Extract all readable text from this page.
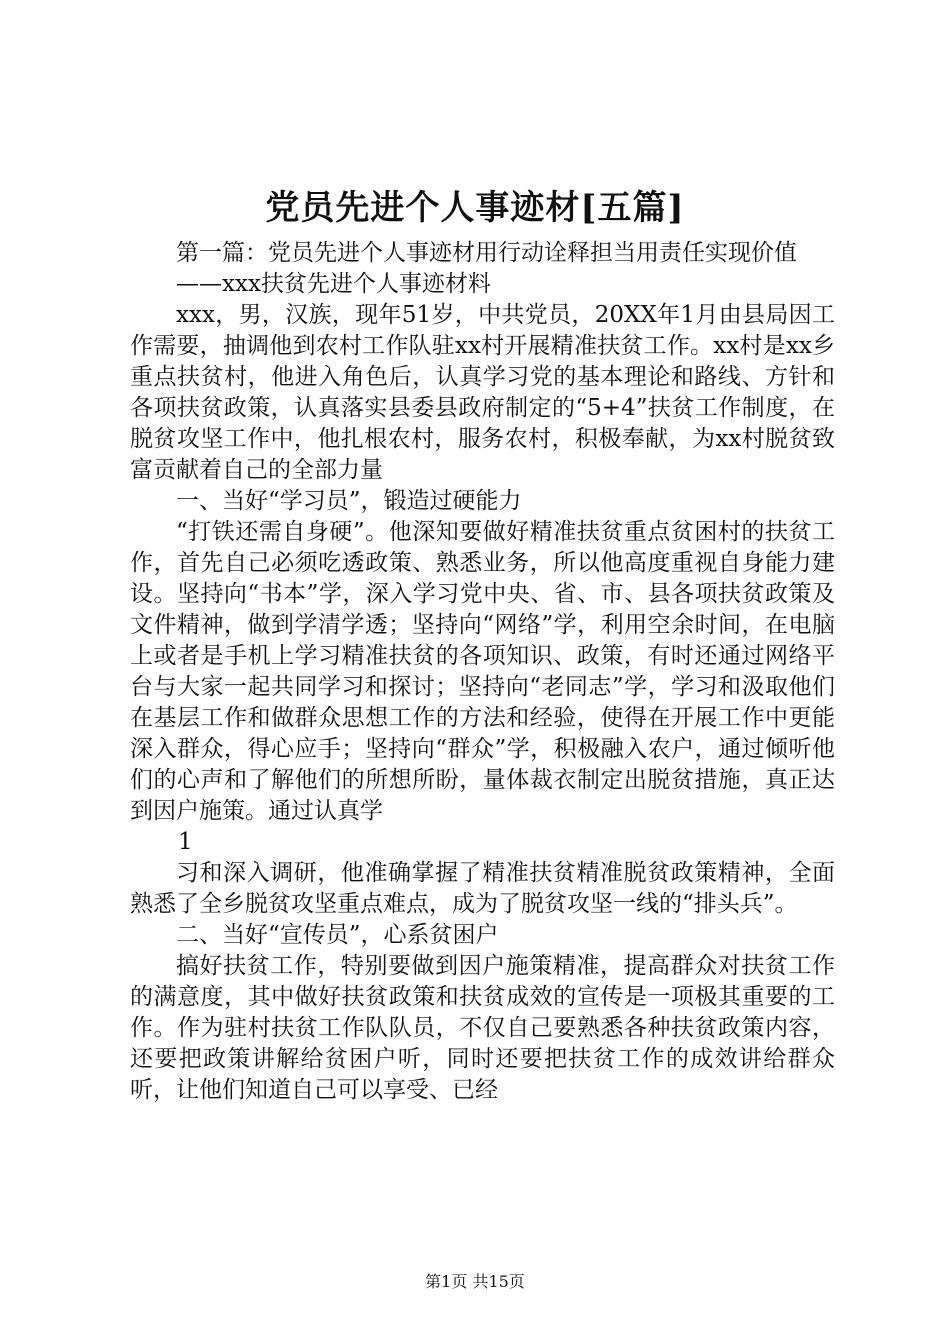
党员先进个人事迹材[五篇]

第一篇：党员先进个人事迹材用行动诠释担当用责任实现价值

——xxx扶贫先进个人事迹材料

xxx，男，汉族，现年51岁，中共党员，20XX年1月由县局因工作需要，抽调他到农村工作队驻xx村开展精准扶贫工作。xx村是xx乡重点扶贫村，他进入角色后，认真学习党的基本理论和路线、方针和各项扶贫政策，认真落实县委县政府制定的“5+4”扶贫工作制度，在脱贫攻坚工作中，他扎根农村，服务农村，积极奉献，为xx村脱贫致富贡献着自己的全部力量

一、当好“学习员”，锻造过硬能力

“打铁还需自身硬”。他深知要做好精准扶贫重点贫困村的扶贫工作，首先自己必须吃透政策、熟悉业务，所以他高度重视自身能力建设。坚持向“书本”学，深入学习党中央、省、市、县各项扶贫政策及文件精神，做到学清学透；坚持向“网络”学，利用空余时间，在电脑上或者是手机上学习精准扶贫的各项知识、政策，有时还通过网络平台与大家一起共同学习和探讨；坚持向“老同志”学，学习和汲取他们在基层工作和做群众思想工作的方法和经验，使得在开展工作中更能深入群众，得心应手；坚持向“群众”学，积极融入农户，通过倾听他们的心声和了解他们的所想所盼，量体裁衣制定出脱贫措施，真正达到因户施策。通过认真学

1

习和深入调研，他准确掌握了精准扶贫精准脱贫政策精神，全面熟悉了全乡脱贫攻坚重点难点，成为了脱贫攻坚一线的“排头兵”。

二、当好“宣传员”，心系贫困户

搞好扶贫工作，特别要做到因户施策精准，提高群众对扶贫工作的满意度，其中做好扶贫政策和扶贫成效的宣传是一项极其重要的工作。作为驻村扶贫工作队队员，不仅自己要熟悉各种扶贫政策内容，还要把政策讲解给贫困户听，同时还要把扶贫工作的成效讲给群众听，让他们知道自己可以享受、已经

第1页 共15页
